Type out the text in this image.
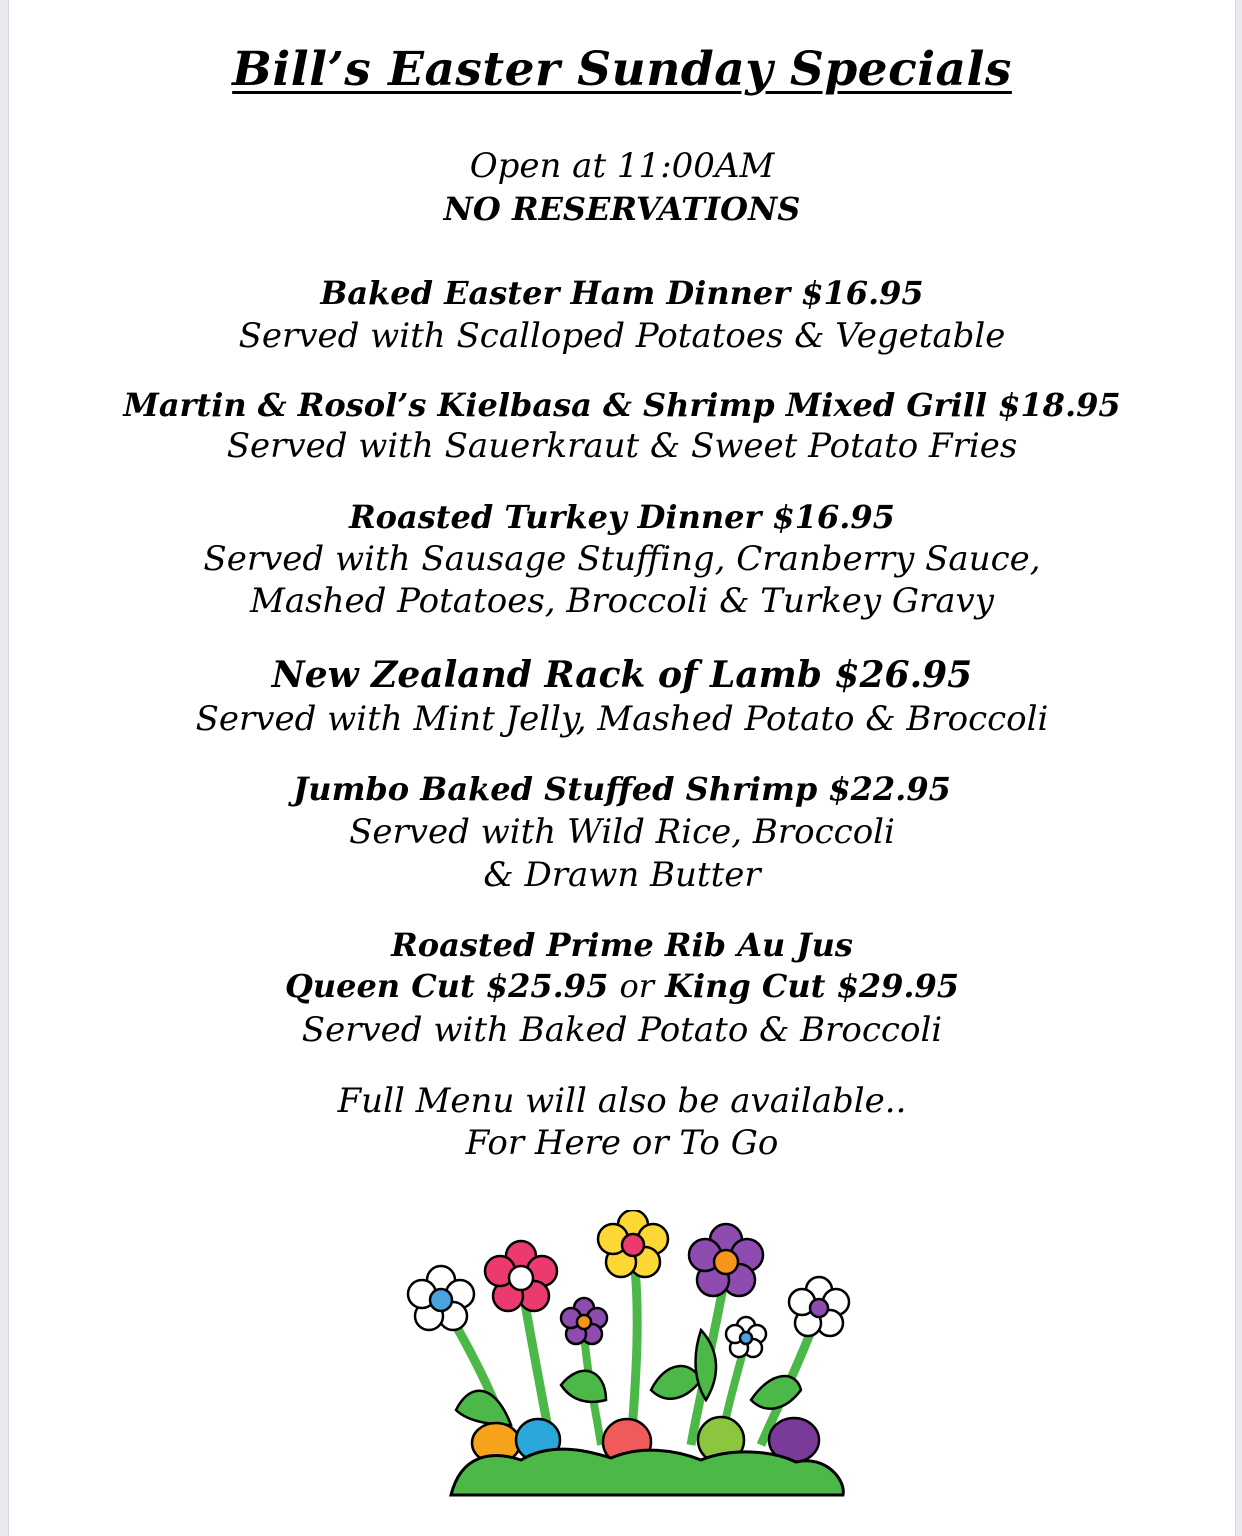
Bill’s Easter Sunday Specials
Open at 11:00AM
NO RESERVATIONS
Baked Easter Ham Dinner $16.95
Served with Scalloped Potatoes & Vegetable
Martin & Rosol’s Kielbasa & Shrimp Mixed Grill $18.95
Served with Sauerkraut & Sweet Potato Fries
Roasted Turkey Dinner $16.95
Served with Sausage Stuffing, Cranberry Sauce,
Mashed Potatoes, Broccoli & Turkey Gravy
New Zealand Rack of Lamb $26.95
Served with Mint Jelly, Mashed Potato & Broccoli
Jumbo Baked Stuffed Shrimp $22.95
Served with Wild Rice, Broccoli
& Drawn Butter
Roasted Prime Rib Au Jus
Queen Cut $25.95 or King Cut $29.95
Served with Baked Potato & Broccoli
Full Menu will also be available..
For Here or To Go
